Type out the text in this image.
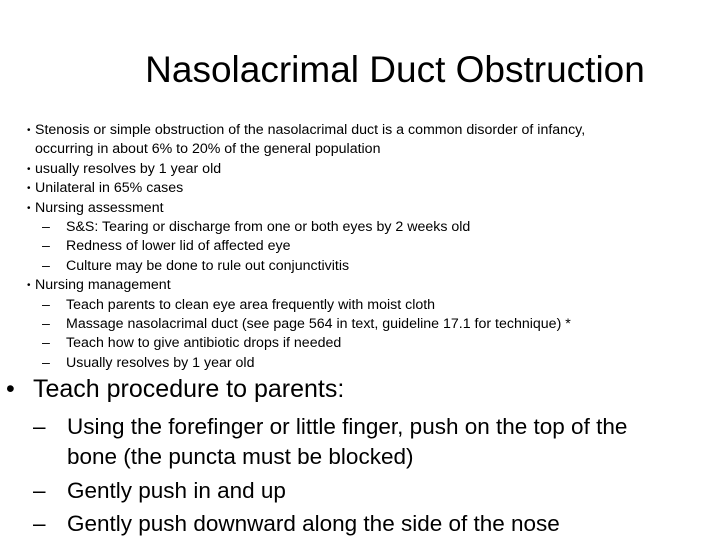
Nasolacrimal Duct Obstruction
• Stenosis or simple obstruction of the nasolacrimal duct is a common disorder of infancy,
occurring in about 6% to 20% of the general population
• usually resolves by 1 year old
• Unilateral in 65% cases
• Nursing assessment
– S&S: Tearing or discharge from one or both eyes by 2 weeks old
– Redness of lower lid of affected eye
– Culture may be done to rule out conjunctivitis
• Nursing management
– Teach parents to clean eye area frequently with moist cloth
– Massage nasolacrimal duct (see page 564 in text, guideline 17.1 for technique) *
– Teach how to give antibiotic drops if needed
– Usually resolves by 1 year old
• Teach procedure to parents:
– Using the forefinger or little finger, push on the top of the
bone (the puncta must be blocked)
– Gently push in and up
– Gently push downward along the side of the nose
